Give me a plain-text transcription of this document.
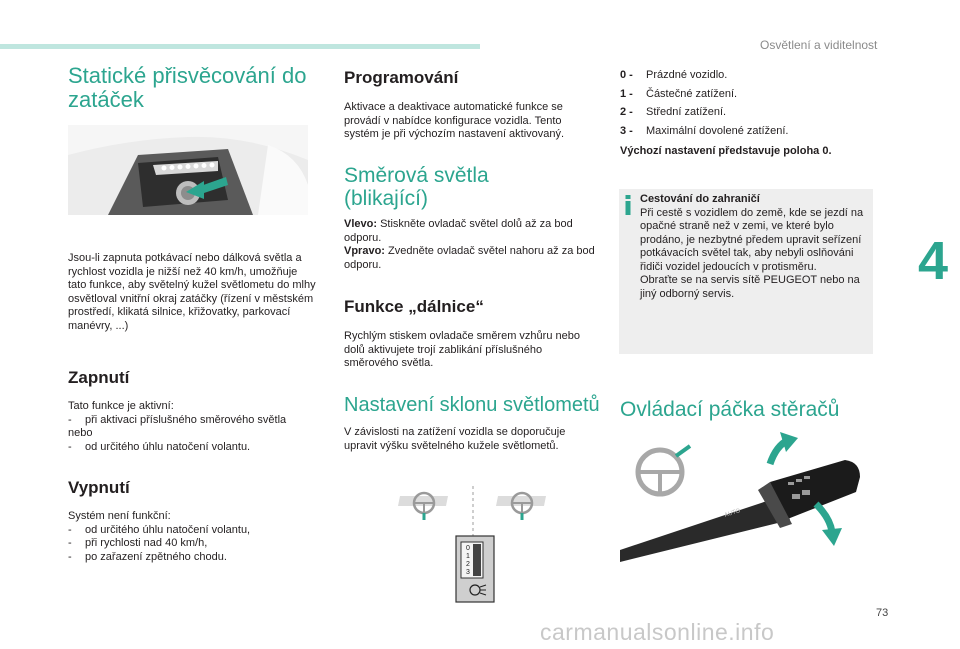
Osvětlení a viditelnost
4
Statické přisvěcování do zatáček

Jsou-li zapnuta potkávací nebo dálková světla a rychlost vozidla je nižší než 40 km/h, umožňuje tato funkce, aby světelný kužel světlometu do mlhy osvětloval vnitřní okraj zatáčky (řízení v městském prostředí, klikatá silnice, křižovatky, parkovací manévry, ...)

Zapnutí

Tato funkce je aktivní:

-	při aktivaci příslušného směrového světla

nebo

-	od určitého úhlu natočení volantu.
Vypnutí

Systém není funkční:

-	od určitého úhlu natočení volantu,
-	při rychlosti nad 40 km/h,
-	po zařazení zpětného chodu.
Programování

Aktivace a deaktivace automatické funkce se provádí v nabídce konfigurace vozidla. Tento systém je při výchozím nastavení aktivovaný.

Směrová světla (blikající)

Vlevo: Stiskněte ovladač světel dolů až za bod odporu.

Vpravo: Zvedněte ovladač světel nahoru až za bod odporu.

Funkce „dálnice“

Rychlým stiskem ovladače směrem vzhůru nebo dolů aktivujete trojí zablikání příslušného směrového světla.

Nastavení sklonu světlometů

V závislosti na zatížení vozidla se doporučuje upravit výšku světelného kužele světlometů.

0
1
2
3
0 -	Prázdné vozidlo.
1 -	Částečné zatížení.
2 -	Střední zatížení.
3 -	Maximální dovolené zatížení.

Výchozí nastavení představuje poloha 0.

Cestování do zahraničí

Při cestě s vozidlem do země, kde se jezdí na opačné straně než v zemi, ve které bylo prodáno, je nezbytné předem upravit seřízení potkávacích světel tak, aby nebyli oslňováni řidiči vozidel jedoucích v protisměru.

Obraťte se na servis sítě PEUGEOT nebo na jiný odborný servis.

Ovládací páčka stěračů
AUTO
73
carmanualsonline.info
